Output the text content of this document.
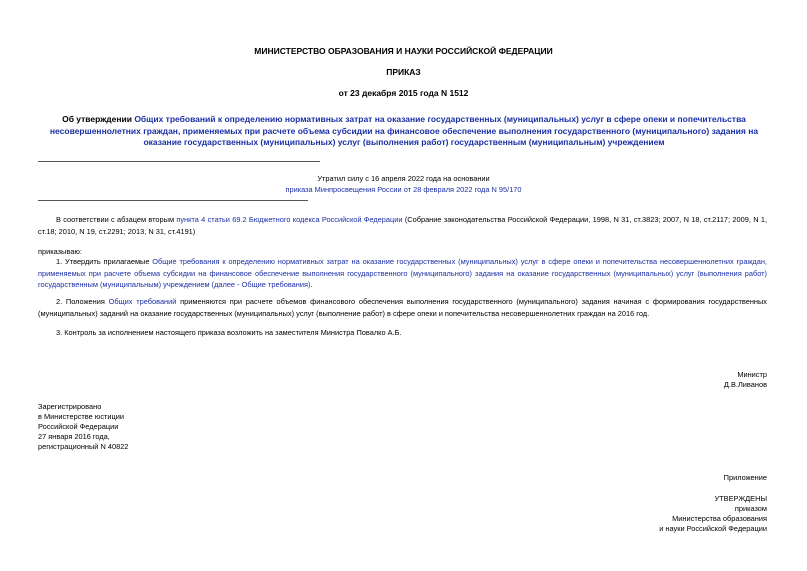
МИНИСТЕРСТВО ОБРАЗОВАНИЯ И НАУКИ РОССИЙСКОЙ ФЕДЕРАЦИИ
ПРИКАЗ
от 23 декабря 2015 года N 1512
Об утверждении Общих требований к определению нормативных затрат на оказание государственных (муниципальных) услуг в сфере опеки и попечительства несовершеннолетних граждан, применяемых при расчете объема субсидии на финансовое обеспечение выполнения государственного (муниципального) задания на оказание государственных (муниципальных) услуг (выполнения работ) государственным (муниципальным) учреждением
Утратил силу с 16 апреля 2022 года на основании
приказа Минпросвещения России от 28 февраля 2022 года N 95/170
В соответствии с абзацем вторым пункта 4 статьи 69.2 Бюджетного кодекса Российской Федерации (Собрание законодательства Российской Федерации, 1998, N 31, ст.3823; 2007, N 18, ст.2117; 2009, N 1, ст.18; 2010, N 19, ст.2291; 2013, N 31, ст.4191)
приказываю:
1. Утвердить прилагаемые Общие требования к определению нормативных затрат на оказание государственных (муниципальных) услуг в сфере опеки и попечительства несовершеннолетних граждан, применяемых при расчете объема субсидии на финансовое обеспечение выполнения государственного (муниципального) задания на оказание государственных (муниципальных) услуг (выполнения работ) государственным (муниципальным) учреждением (далее - Общие требования).
2. Положения Общих требований применяются при расчете объемов финансового обеспечения выполнения государственного (муниципального) задания начиная с формирования государственных (муниципальных) заданий на оказание государственных (муниципальных) услуг (выполнение работ) в сфере опеки и попечительства несовершеннолетних граждан на 2016 год.
3. Контроль за исполнением настоящего приказа возложить на заместителя Министра Повалко А.Б.
Министр
Д.В.Ливанов
Зарегистрировано
в Министерстве юстиции
Российской Федерации
27 января 2016 года,
регистрационный N 40822
Приложение
УТВЕРЖДЕНЫ
приказом
Министерства образования
и науки Российской Федерации
